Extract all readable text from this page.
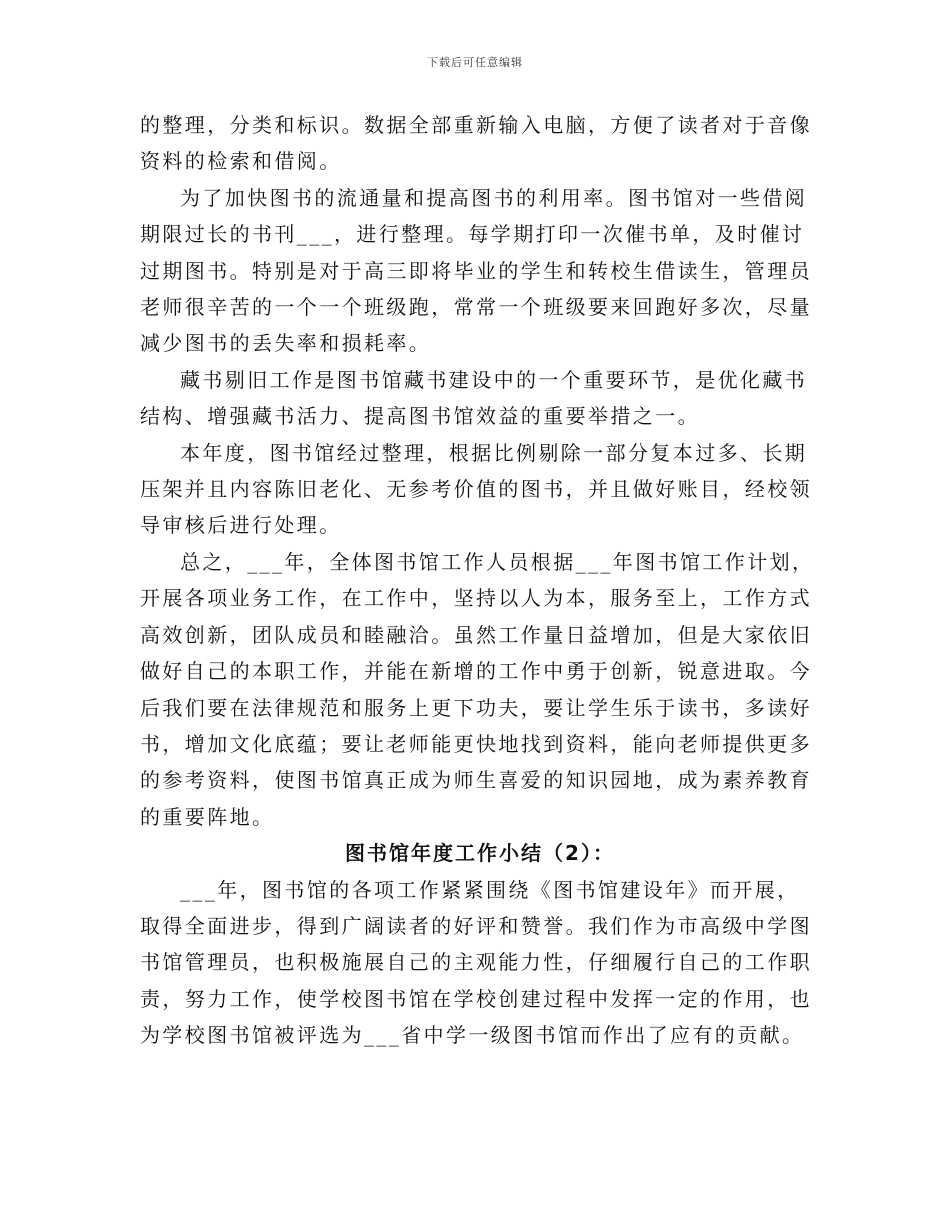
下载后可任意编辑

的整理，分类和标识。数据全部重新输入电脑，方便了读者对于音像资料的检索和借阅。

为了加快图书的流通量和提高图书的利用率。图书馆对一些借阅期限过长的书刊___，进行整理。每学期打印一次催书单，及时催讨过期图书。特别是对于高三即将毕业的学生和转校生借读生，管理员老师很辛苦的一个一个班级跑，常常一个班级要来回跑好多次，尽量减少图书的丢失率和损耗率。

藏书剔旧工作是图书馆藏书建设中的一个重要环节，是优化藏书结构、增强藏书活力、提高图书馆效益的重要举措之一。

本年度，图书馆经过整理，根据比例剔除一部分复本过多、长期压架并且内容陈旧老化、无参考价值的图书，并且做好账目，经校领导审核后进行处理。

总之，___年，全体图书馆工作人员根据___年图书馆工作计划，开展各项业务工作，在工作中，坚持以人为本，服务至上，工作方式高效创新，团队成员和睦融洽。虽然工作量日益增加，但是大家依旧做好自己的本职工作，并能在新增的工作中勇于创新，锐意进取。今后我们要在法律规范和服务上更下功夫，要让学生乐于读书，多读好书，增加文化底蕴；要让老师能更快地找到资料，能向老师提供更多的参考资料，使图书馆真正成为师生喜爱的知识园地，成为素养教育的重要阵地。

图书馆年度工作小结（2）：

___年，图书馆的各项工作紧紧围绕《图书馆建设年》而开展，取得全面进步，得到广阔读者的好评和赞誉。我们作为市高级中学图书馆管理员，也积极施展自己的主观能力性，仔细履行自己的工作职责，努力工作，使学校图书馆在学校创建过程中发挥一定的作用，也为学校图书馆被评选为___省中学一级图书馆而作出了应有的贡献。
